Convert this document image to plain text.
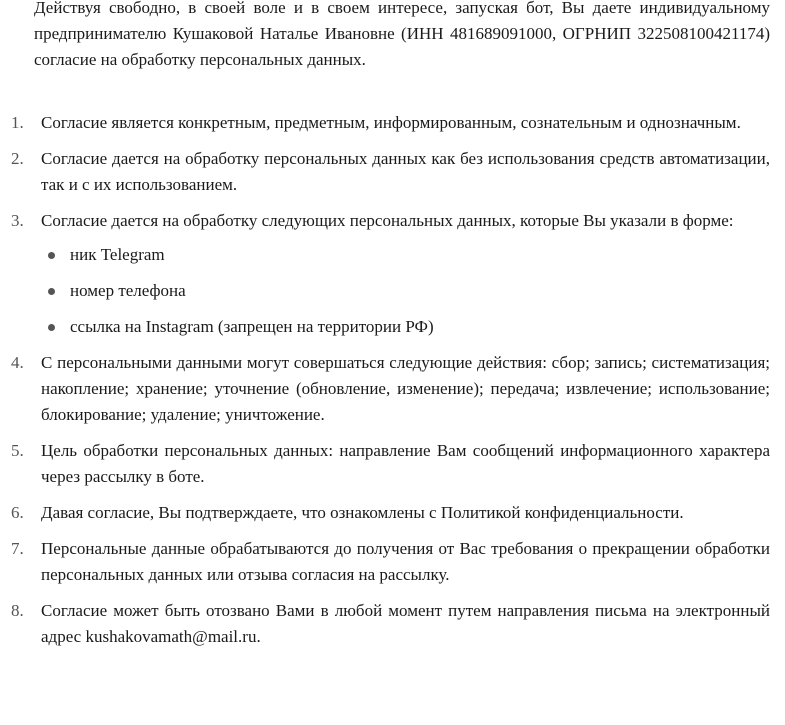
Действуя свободно, в своей воле и в своем интересе, запуская бот, Вы даете индивидуальному предпринимателю Кушаковой Наталье Ивановне (ИНН 481689091000, ОГРНИП 322508100421174) согласие на обработку персональных данных.

1. Согласие является конкретным, предметным, информированным, сознательным и однозначным.
2. Согласие дается на обработку персональных данных как без использования средств автоматизации, так и с их использованием.
3. Согласие дается на обработку следующих персональных данных, которые Вы указали в форме:
ник Telegram
номер телефона
ссылка на Instagram (запрещен на территории РФ)
4. С персональными данными могут совершаться следующие действия: сбор; запись; систематизация; накопление; хранение; уточнение (обновление, изменение); передача; извлечение; использование; блокирование; удаление; уничтожение.
5. Цель обработки персональных данных: направление Вам сообщений информационного характера через рассылку в боте.
6. Давая согласие, Вы подтверждаете, что ознакомлены с Политикой конфиденциальности.
7. Персональные данные обрабатываются до получения от Вас требования о прекращении обработки персональных данных или отзыва согласия на рассылку.
8. Согласие может быть отозвано Вами в любой момент путем направления письма на электронный адрес kushakovamath@mail.ru.
